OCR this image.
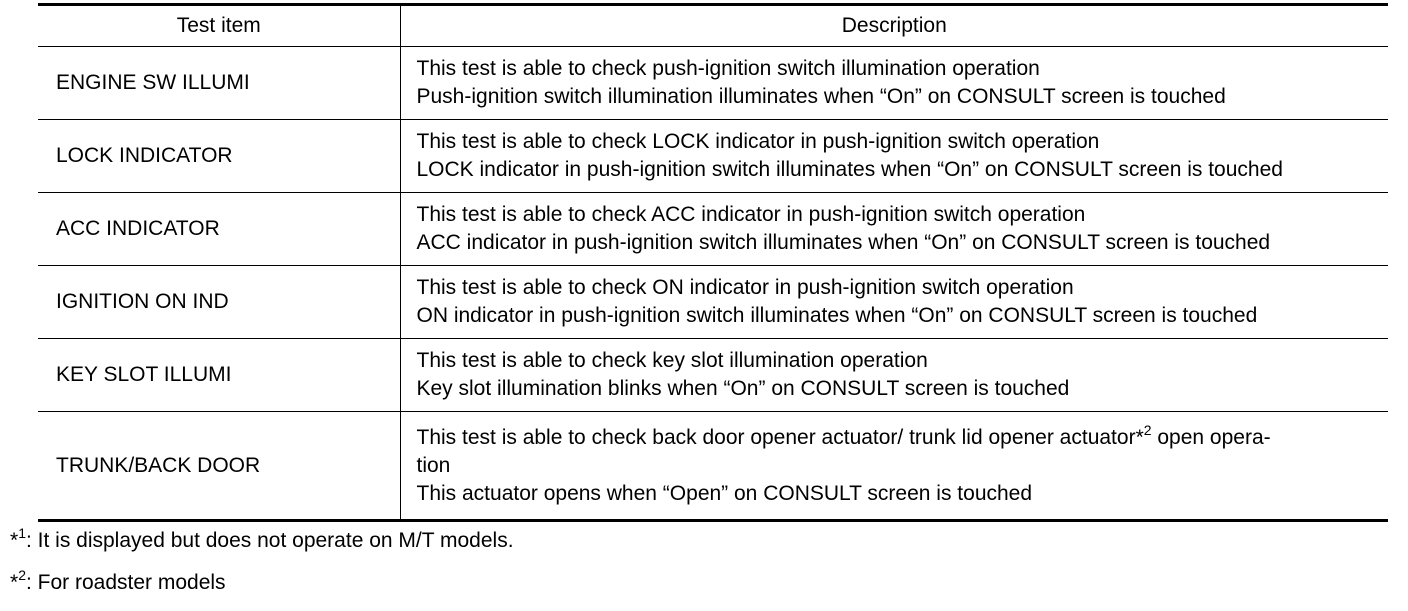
Test item	Description
ENGINE SW ILLUMI	This test is able to check push-ignition switch illumination operation
Push-ignition switch illumination illuminates when “On” on CONSULT screen is touched

LOCK INDICATOR	This test is able to check LOCK indicator in push-ignition switch operation
LOCK indicator in push-ignition switch illuminates when “On” on CONSULT screen is touched

ACC INDICATOR	This test is able to check ACC indicator in push-ignition switch operation
ACC indicator in push-ignition switch illuminates when “On” on CONSULT screen is touched

IGNITION ON IND	This test is able to check ON indicator in push-ignition switch operation
ON indicator in push-ignition switch illuminates when “On” on CONSULT screen is touched

KEY SLOT ILLUMI	This test is able to check key slot illumination operation
Key slot illumination blinks when “On” on CONSULT screen is touched

TRUNK/BACK DOOR	This test is able to check back door opener actuator/ trunk lid opener actuator*$^2$ open opera-
tion
This actuator opens when “Open” on CONSULT screen is touched
*$^1$: It is displayed but does not operate on M/T models.
*$^2$: For roadster models
